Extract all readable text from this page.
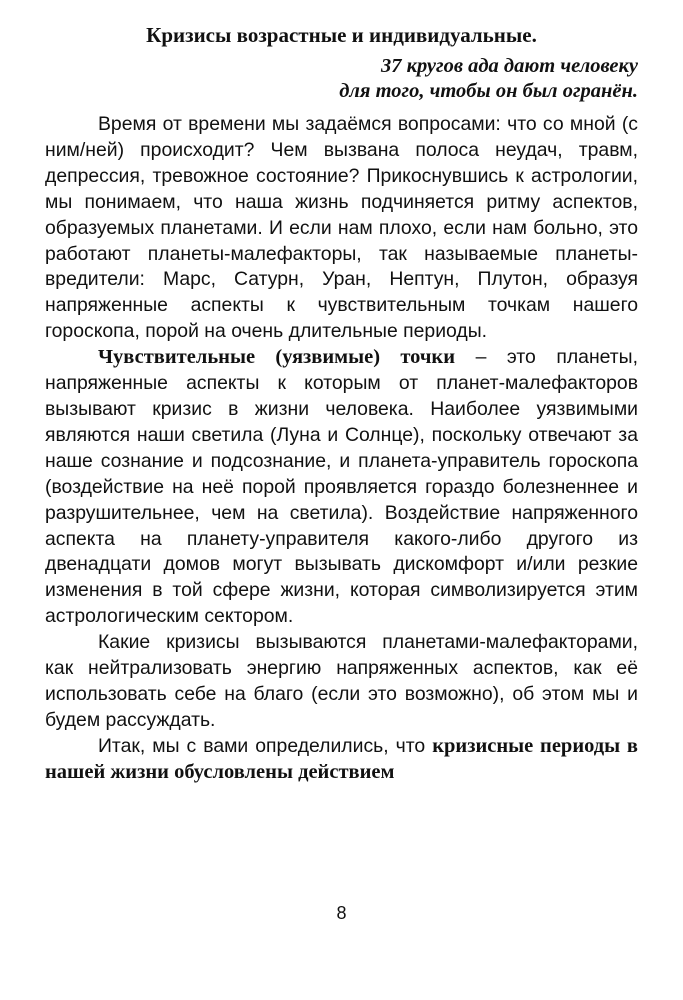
Кризисы возрастные и индивидуальные.
37 кругов ада дают человеку
для того, чтобы он был огранён.

Время от времени мы задаёмся вопросами: что со мной (с ним/ней) происходит? Чем вызвана полоса неудач, травм, депрессия, тревожное состояние? Прикоснувшись к астрологии, мы понимаем, что наша жизнь подчиняется ритму аспектов, образуемых планетами. И если нам плохо, если нам больно, это работают планеты-малефакторы, так называемые планеты-вредители: Марс, Сатурн, Уран, Нептун, Плутон, образуя напряженные аспекты к чувствительным точкам нашего гороскопа, порой на очень длительные периоды.

Чувствительные (уязвимые) точки – это планеты, напряженные аспекты к которым от планет-малефакторов вызывают кризис в жизни человека. Наиболее уязвимыми являются наши светила (Луна и Солнце), поскольку отвечают за наше сознание и подсознание, и планета-управитель гороскопа (воздействие на неё порой проявляется гораздо болезненнее и разрушительнее, чем на светила). Воздействие напряженного аспекта на планету-управителя какого-либо другого из двенадцати домов могут вызывать дискомфорт и/или резкие изменения в той сфере жизни, которая символизируется этим астрологическим сектором.

Какие кризисы вызываются планетами-малефакторами, как нейтрализовать энергию напряженных аспектов, как её использовать себе на благо (если это возможно), об этом мы и будем рассуждать.

Итак, мы с вами определились, что кризисные периоды в нашей жизни обусловлены действием

8
